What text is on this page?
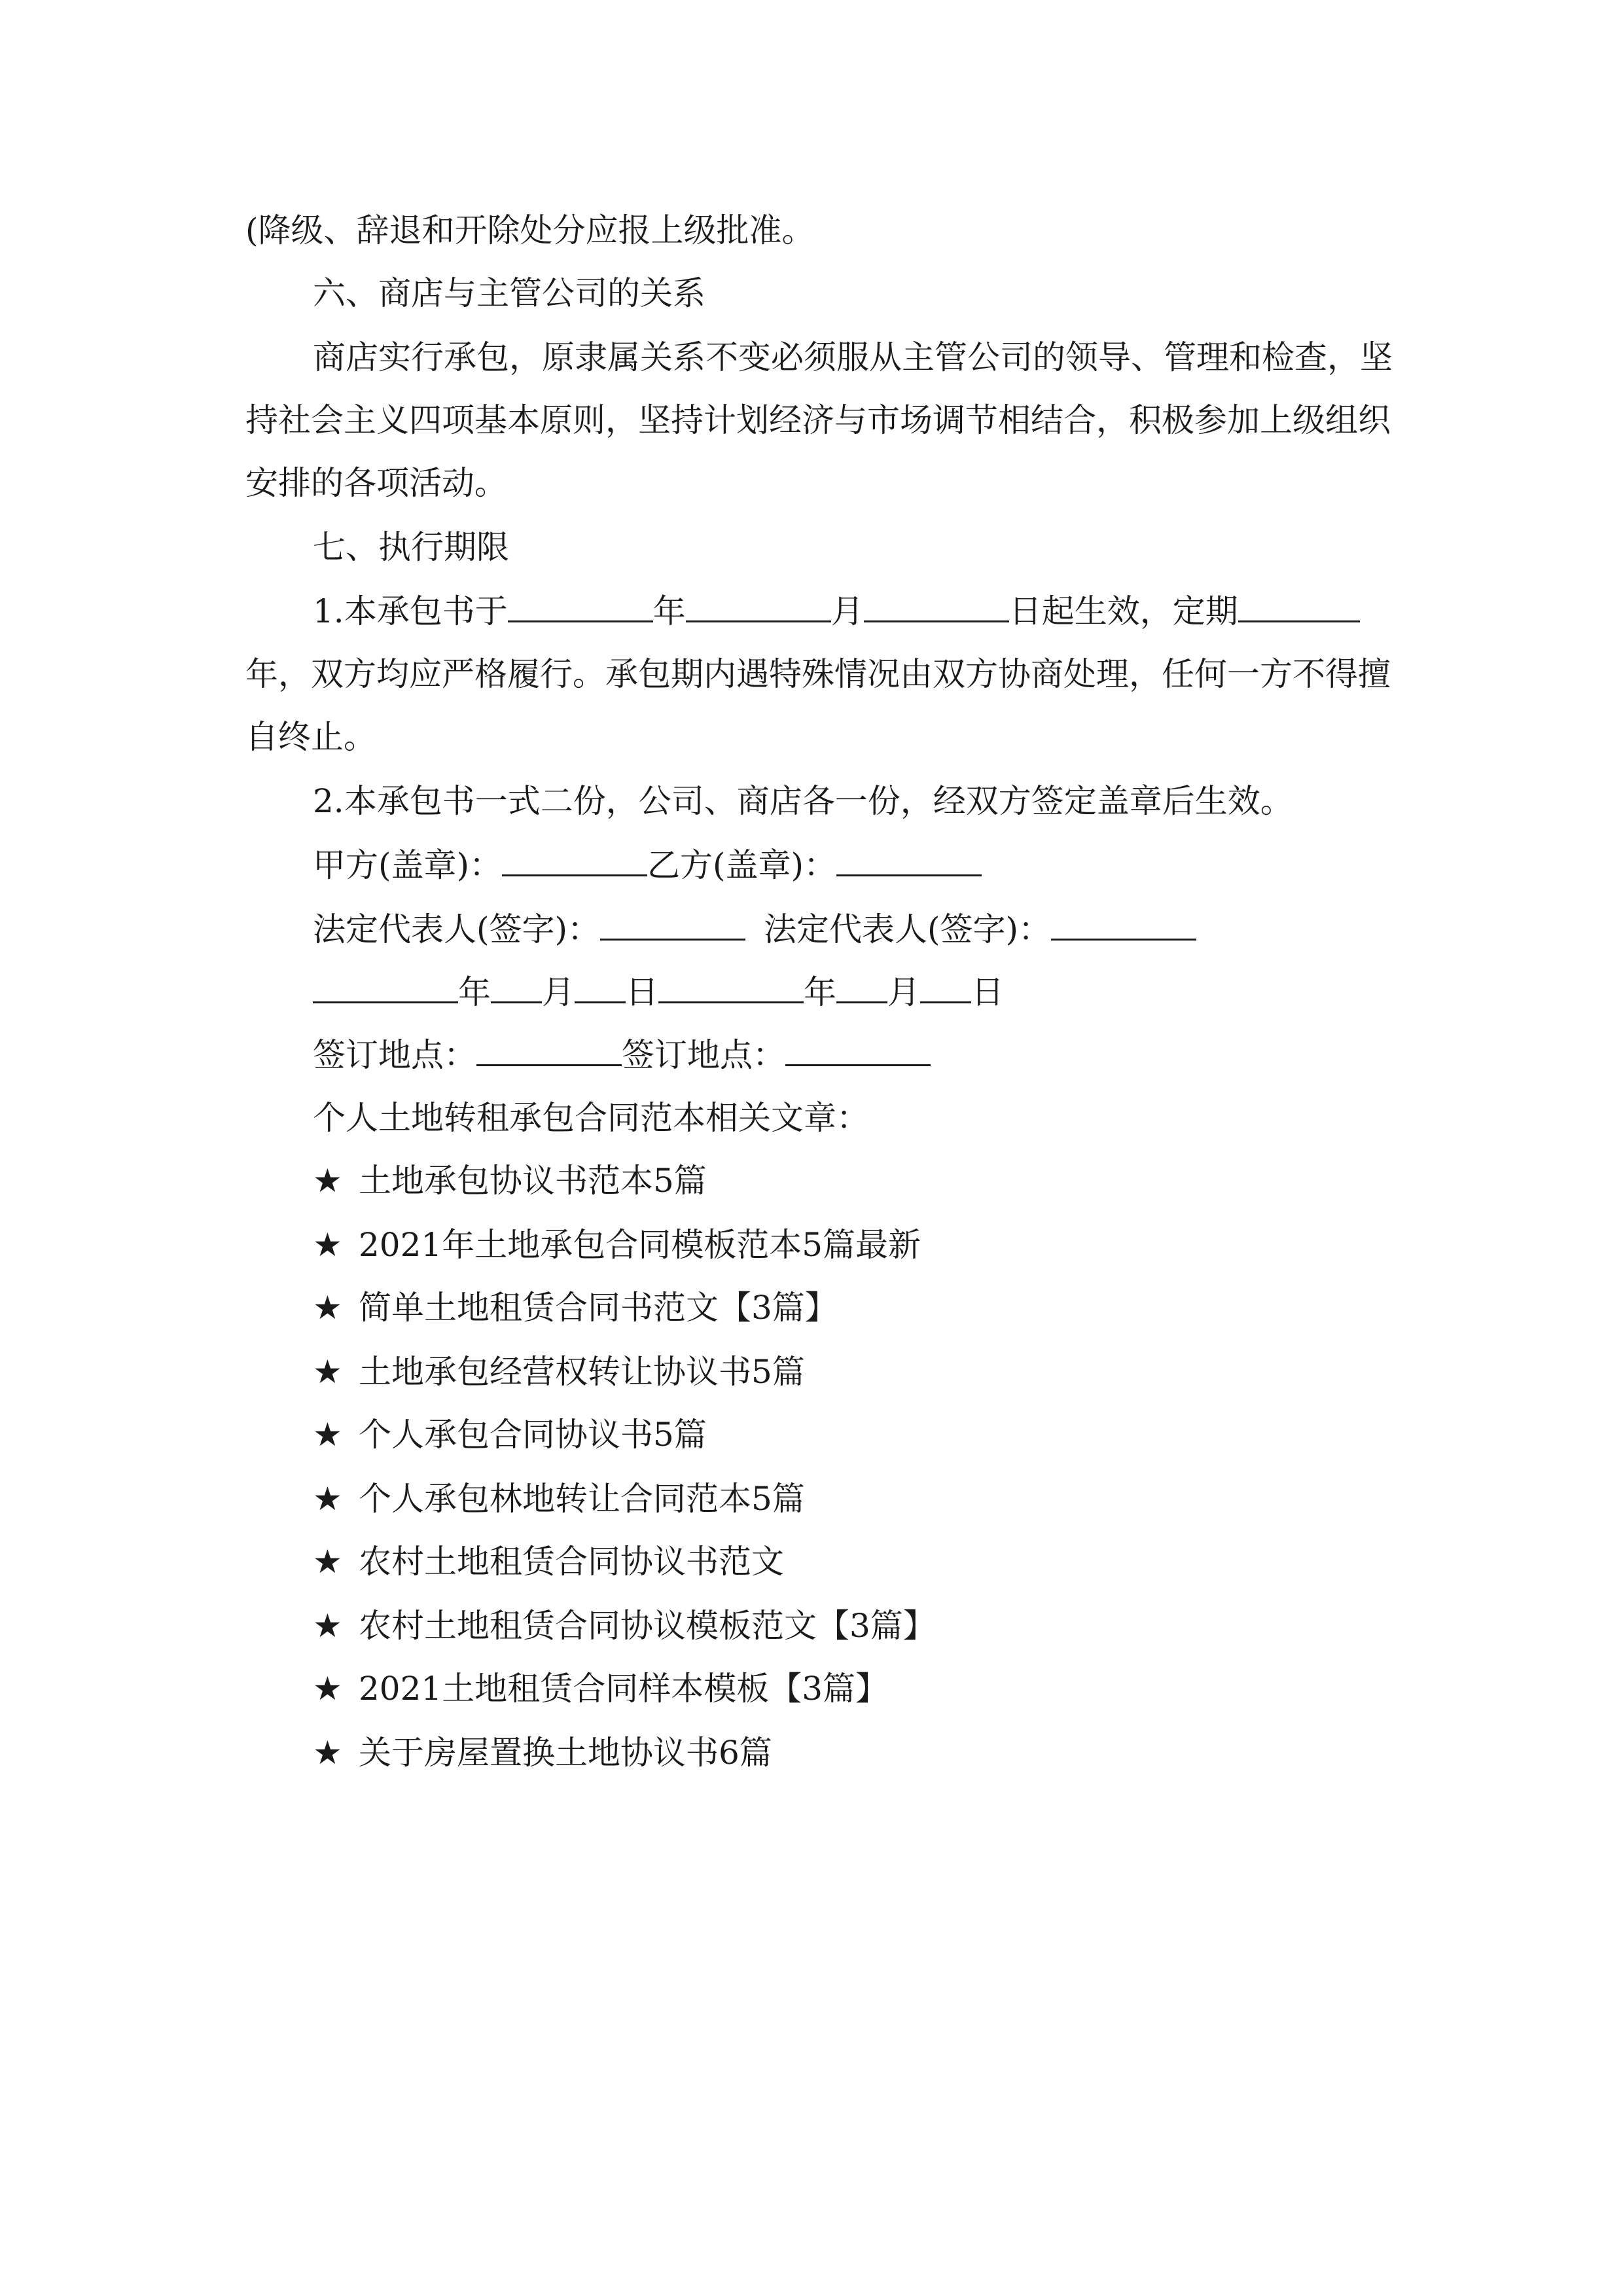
(降级、辞退和开除处分应报上级批准。
六、商店与主管公司的关系
商店实行承包，原隶属关系不变必须服从主管公司的领导、管理和检查，坚
持社会主义四项基本原则，坚持计划经济与市场调节相结合，积极参加上级组织
安排的各项活动。
七、执行期限
1.本承包书于	年	月	日起生效，定期
年，双方均应严格履行。承包期内遇特殊情况由双方协商处理，任何一方不得擅
自终止。
2.本承包书一式二份，公司、商店各一份，经双方签定盖章后生效。
甲方(盖章)：	乙方(盖章)：
法定代表人(签字)：	法定代表人(签字)：
年 月 日	年 月 日
签订地点：	签订地点：
个人土地转租承包合同范本相关文章：
★ 土地承包协议书范本5篇
★ 2021年土地承包合同模板范本5篇最新
★ 简单土地租赁合同书范文【3篇】
★ 土地承包经营权转让协议书5篇
★ 个人承包合同协议书5篇
★ 个人承包林地转让合同范本5篇
★ 农村土地租赁合同协议书范文
★ 农村土地租赁合同协议模板范文【3篇】
★ 2021土地租赁合同样本模板【3篇】
★ 关于房屋置换土地协议书6篇
